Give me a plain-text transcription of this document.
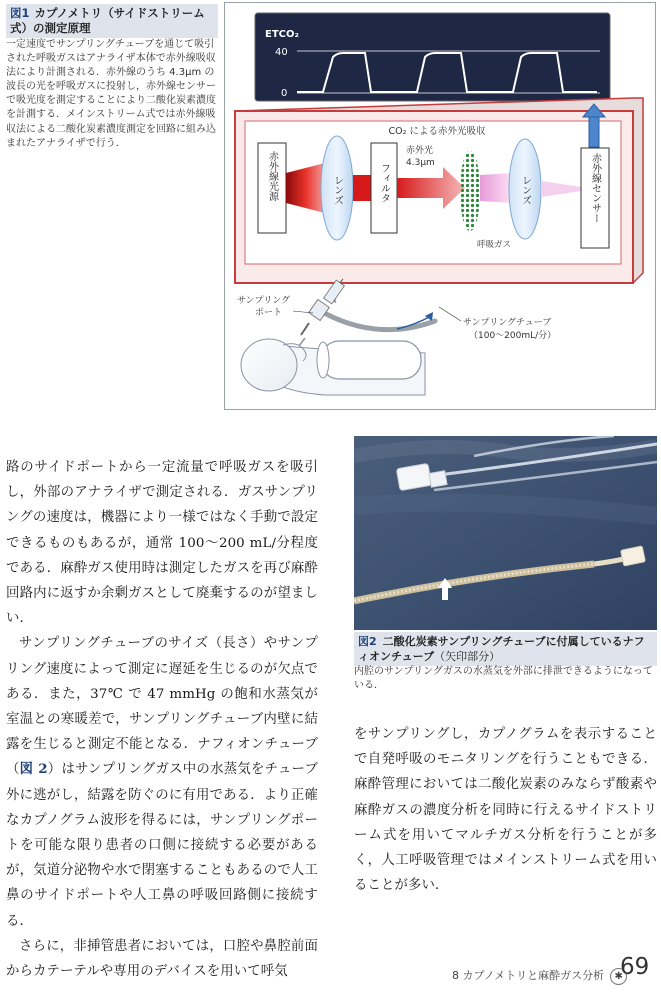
図1 カプノメトリ（サイドストリーム式）の測定原理
一定速度でサンプリングチューブを通じて吸引された呼吸ガスはアナライザ本体で赤外線吸収法により計測される．赤外線のうち 4.3µm の波長の光を呼吸ガスに投射し，赤外線センサーで吸光度を測定することにより二酸化炭素濃度を計測する．メインストリーム式では赤外線吸収法による二酸化炭素濃度測定を回路に組み込まれたアナライザで行う．
ETCO₂
40
0
CO₂ による赤外光吸収
赤外線光源	レンズ	フィルタ
赤外光
4.3µm
呼吸ガス
レンズ	赤外線センサー
サンプリング
ポート
サンプリングチューブ
（100〜200mL/分）
図2 二酸化炭素サンプリングチューブに付属しているナフィオンチューブ（矢印部分）
内腔のサンプリングガスの水蒸気を外部に排泄できるようになっている．

路のサイドポートから一定流量で呼吸ガスを吸引し，外部のアナライザで測定される．ガスサンプリングの速度は，機器により一様ではなく手動で設定できるものもあるが，通常 100〜200 mL/分程度である．麻酔ガス使用時は測定したガスを再び麻酔回路内に返すか余剰ガスとして廃棄するのが望ましい．

サンプリングチューブのサイズ（長さ）やサンプリング速度によって測定に遅延を生じるのが欠点である．また，37℃ で 47 mmHg の飽和水蒸気が室温との寒暖差で，サンプリングチューブ内壁に結露を生じると測定不能となる．ナフィオンチューブ（図 2）はサンプリングガス中の水蒸気をチューブ外に逃がし，結露を防ぐのに有用である．より正確なカプノグラム波形を得るには，サンプリングポートを可能な限り患者の口側に接続する必要があるが，気道分泌物や水で閉塞することもあるので人工鼻のサイドポートや人工鼻の呼吸回路側に接続する．

さらに，非挿管患者においては，口腔や鼻腔前面からカテーテルや専用のデバイスを用いて呼気

をサンプリングし，カプノグラムを表示することで自発呼吸のモニタリングを行うこともできる．麻酔管理においては二酸化炭素のみならず酸素や麻酔ガスの濃度分析を同時に行えるサイドストリーム式を用いてマルチガス分析を行うことが多く，人工呼吸管理ではメインストリーム式を用いることが多い．

8 カプノメトリと麻酔ガス分析 ✱
69
